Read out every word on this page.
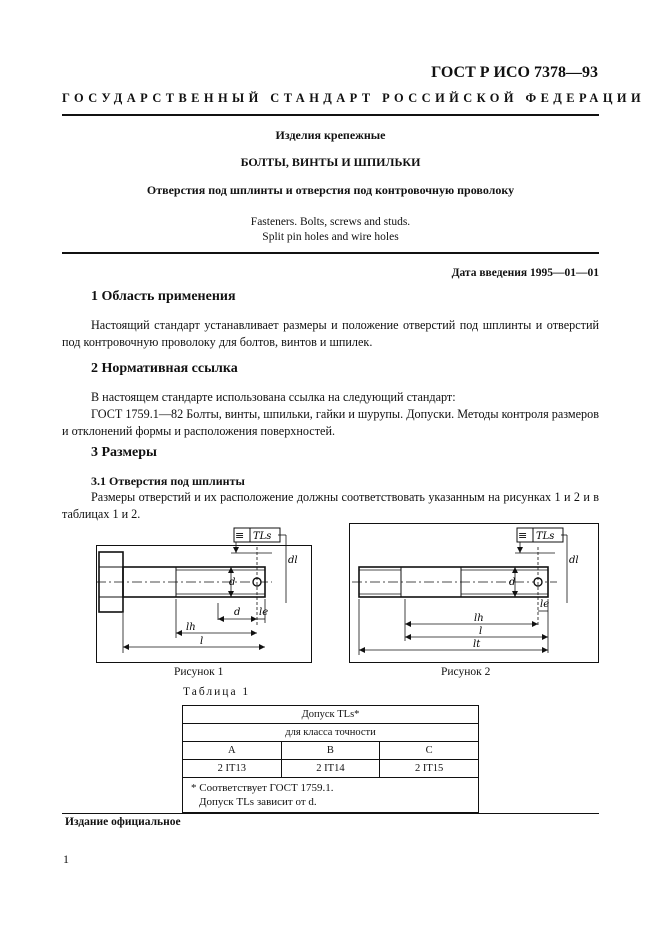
ГОСТ Р ИСО 7378—93
ГОСУДАРСТВЕННЫЙ СТАНДАРТ РОССИЙСКОЙ ФЕДЕРАЦИИ
Изделия крепежные
БОЛТЫ, ВИНТЫ И ШПИЛЬКИ
Отверстия под шплинты и отверстия под контровочную проволоку
Fasteners. Bolts, screws and studs.
Split pin holes and wire holes
Дата введения 1995—01—01
1 Область применения

Настоящий стандарт устанавливает размеры и положение отверстий под шплинты и отверстий под контровочную проволоку для болтов, винтов и шпилек.

2 Нормативная ссылка

В настоящем стандарте использована ссылка на следующий стандарт:

ГОСТ 1759.1—82 Болты, винты, шпильки, гайки и шурупы. Допуски. Методы контроля размеров и отклонений формы и расположения поверхностей.

3 Размеры
3.1 Отверстия под шплинты

Размеры отверстий и их расположение должны соответствовать указанным на рисунках 1 и 2 и в таблицах 1 и 2.

≡ TLs
d
dl
d le
lh
l
Рисунок 1
≡ TLs
d
dl
le
lh
l
lt
Рисунок 2
Таблица 1
Допуск TLs*		
для класса точности		
A	B	C
2 IT13	2 IT14	2 IT15

* Соответствует ГОСТ 1759.1.
Допуск TLs зависит от d.		
Издание официальное
1
